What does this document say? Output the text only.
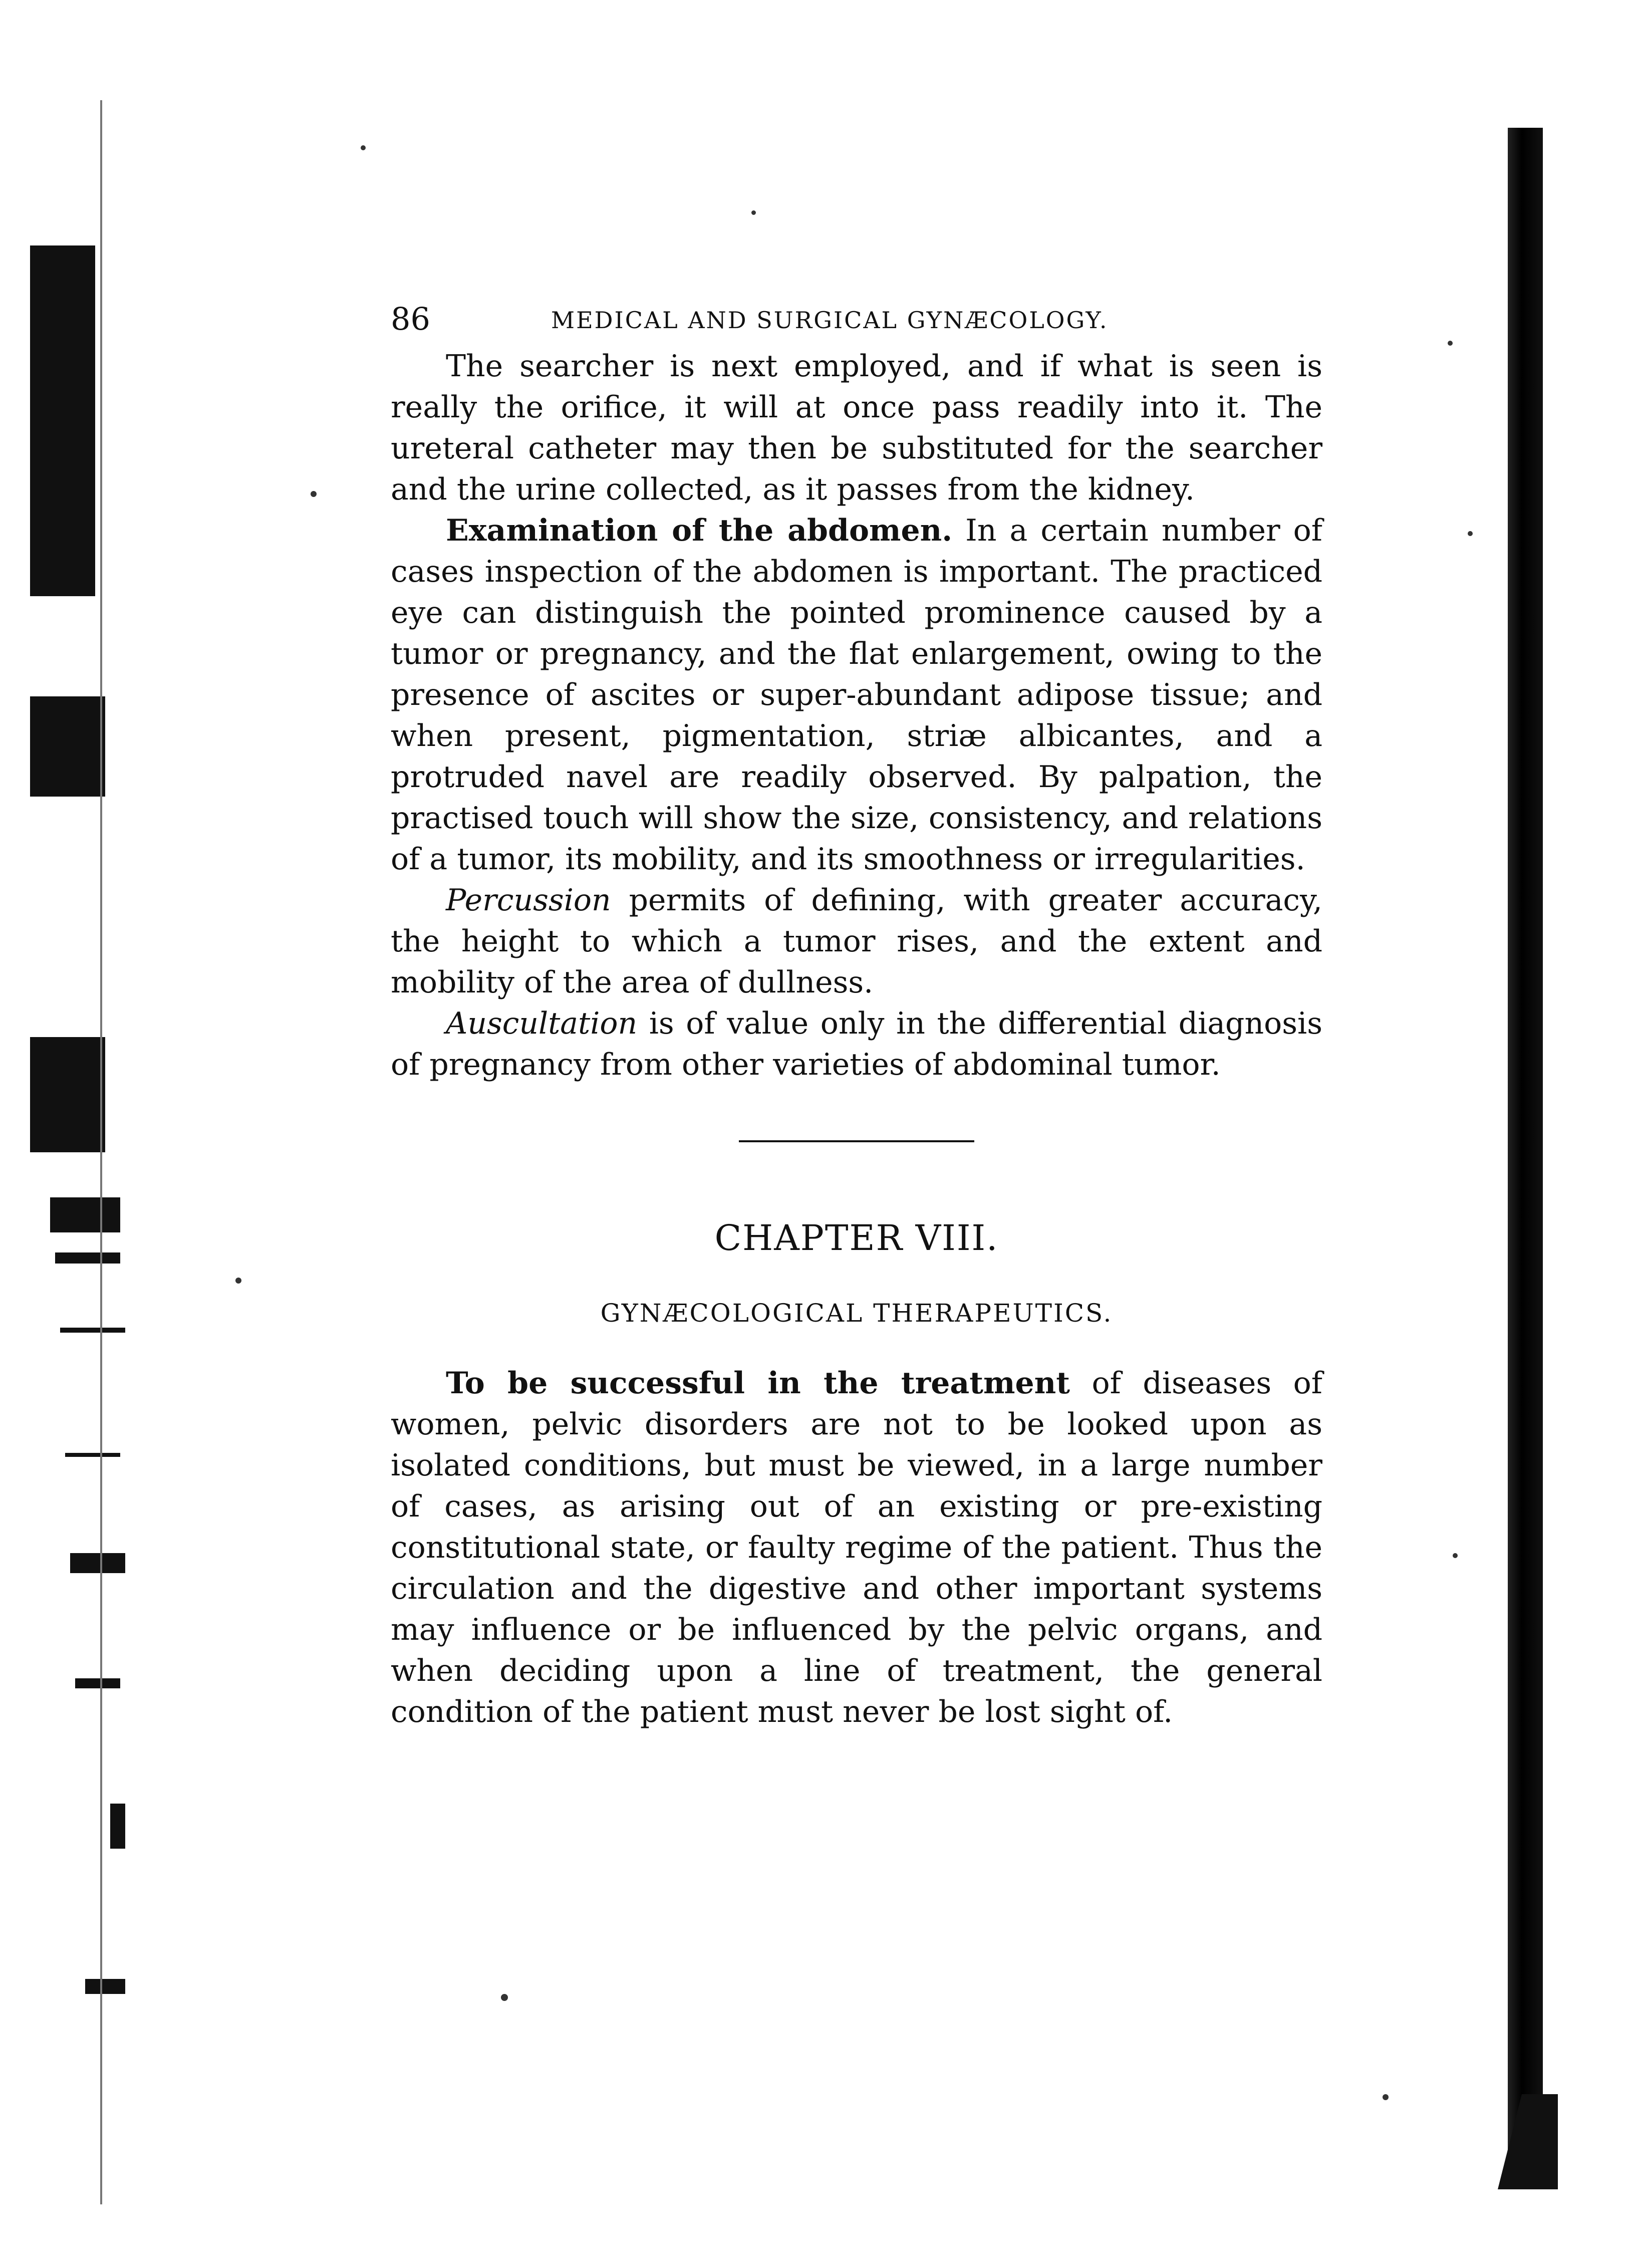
86	MEDICAL AND SURGICAL GYNÆCOLOGY.

The searcher is next employed, and if what is seen is really the orifice, it will at once pass readily into it. The ureteral catheter may then be substituted for the searcher and the urine collected, as it passes from the kidney.

Examination of the abdomen. In a certain number of cases inspection of the abdomen is important. The practiced eye can distinguish the pointed prominence caused by a tumor or pregnancy, and the flat enlargement, owing to the presence of ascites or super-abundant adipose tissue; and when present, pigmentation, striæ albicantes, and a protruded navel are readily observed. By palpation, the practised touch will show the size, consistency, and relations of a tumor, its mobility, and its smoothness or irregularities.

Percussion permits of defining, with greater accuracy, the height to which a tumor rises, and the extent and mobility of the area of dullness.

Auscultation is of value only in the differential diagnosis of pregnancy from other varieties of abdominal tumor.

CHAPTER VIII.
GYNÆCOLOGICAL THERAPEUTICS.

To be successful in the treatment of diseases of women, pelvic disorders are not to be looked upon as isolated conditions, but must be viewed, in a large number of cases, as arising out of an existing or pre-existing constitutional state, or faulty regime of the patient. Thus the circulation and the digestive and other important systems may influence or be influenced by the pelvic organs, and when deciding upon a line of treatment, the general condition of the patient must never be lost sight of.
